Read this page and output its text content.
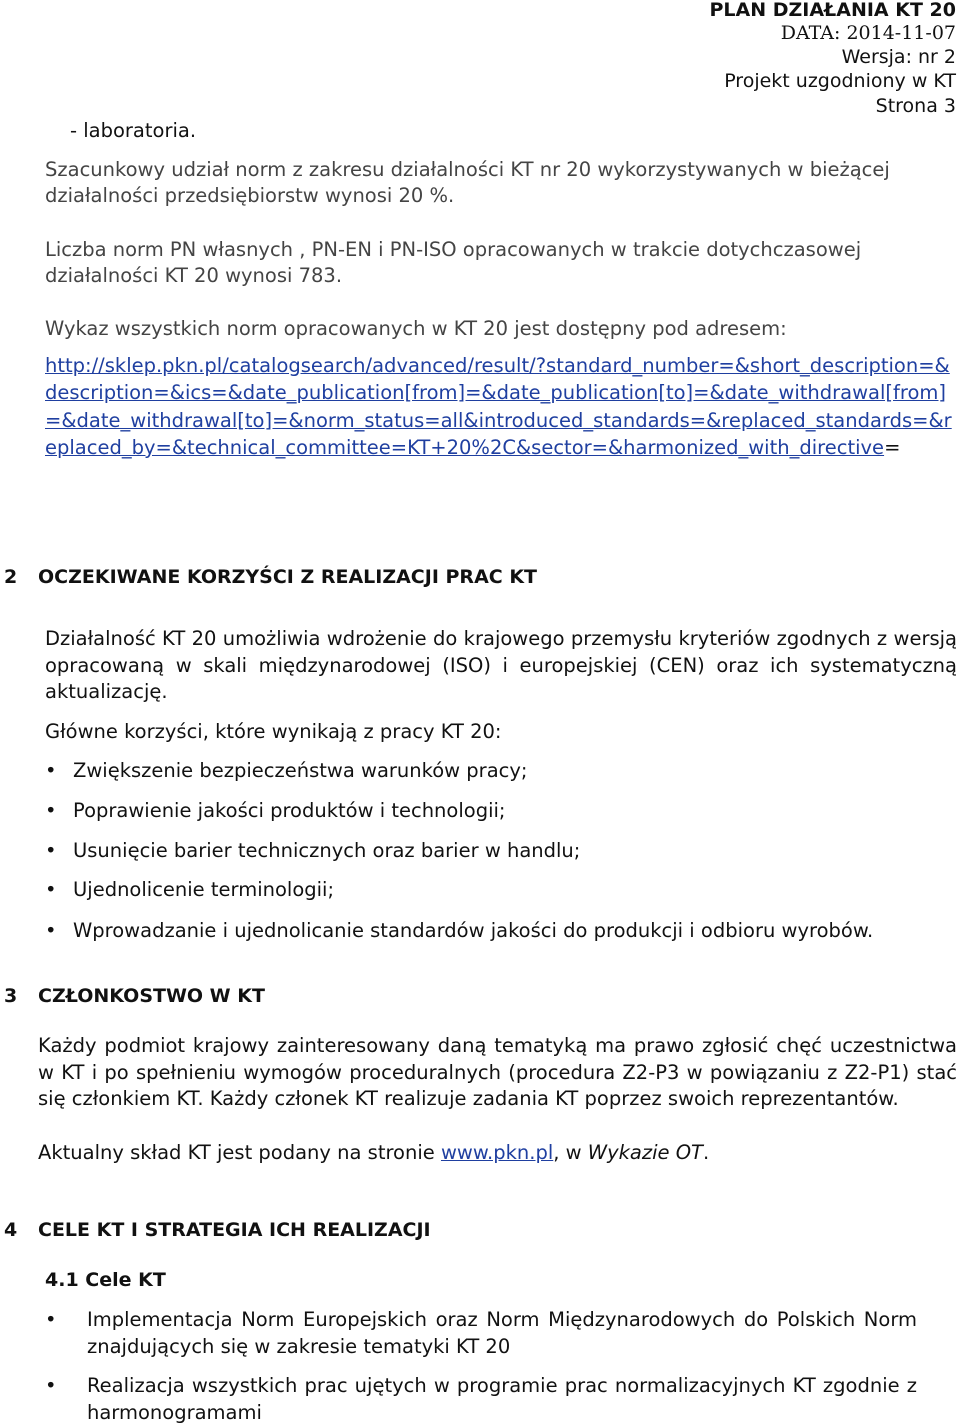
PLAN DZIAŁANIA KT 20
DATA: 2014-11-07
Wersja: nr 2
Projekt uzgodniony w KT
Strona 3
- laboratoria.
Szacunkowy udział norm z zakresu działalności KT nr 20 wykorzystywanych w bieżącej
działalności przedsiębiorstw wynosi 20 %.
Liczba norm PN własnych , PN-EN i PN-ISO opracowanych w trakcie dotychczasowej
działalności KT 20 wynosi 783.
Wykaz wszystkich norm opracowanych w KT 20 jest dostępny pod adresem:
http://sklep.pkn.pl/catalogsearch/advanced/result/?standard_number=&short_description=&description=&ics=&date_publication[from]=&date_publication[to]=&date_withdrawal[from]=&date_withdrawal[to]=&norm_status=all&introduced_standards=&replaced_standards=&replaced_by=&technical_committee=KT+20%2C&sector=&harmonized_with_directive=
2 OCZEKIWANE KORZYŚCI Z REALIZACJI PRAC KT
Działalność KT 20 umożliwia wdrożenie do krajowego przemysłu kryteriów zgodnych z wersją opracowaną w skali międzynarodowej (ISO) i europejskiej (CEN) oraz ich systematyczną aktualizację.
Główne korzyści, które wynikają z pracy KT 20:
• Zwiększenie bezpieczeństwa warunków pracy;
• Poprawienie jakości produktów i technologii;
• Usunięcie barier technicznych oraz barier w handlu;
• Ujednolicenie terminologii;
• Wprowadzanie i ujednolicanie standardów jakości do produkcji i odbioru wyrobów.
3 CZŁONKOSTWO W KT
Każdy podmiot krajowy zainteresowany daną tematyką ma prawo zgłosić chęć uczestnictwa w KT i po spełnieniu wymogów proceduralnych (procedura Z2-P3 w powiązaniu z Z2-P1) stać się członkiem KT. Każdy członek KT realizuje zadania KT poprzez swoich reprezentantów.
Aktualny skład KT jest podany na stronie www.pkn.pl, w Wykazie OT.
4 CELE KT I STRATEGIA ICH REALIZACJI
4.1 Cele KT
• Implementacja Norm Europejskich oraz Norm Międzynarodowych do Polskich Norm znajdujących się w zakresie tematyki KT 20
• Realizacja wszystkich prac ujętych w programie prac normalizacyjnych KT zgodnie z harmonogramami
